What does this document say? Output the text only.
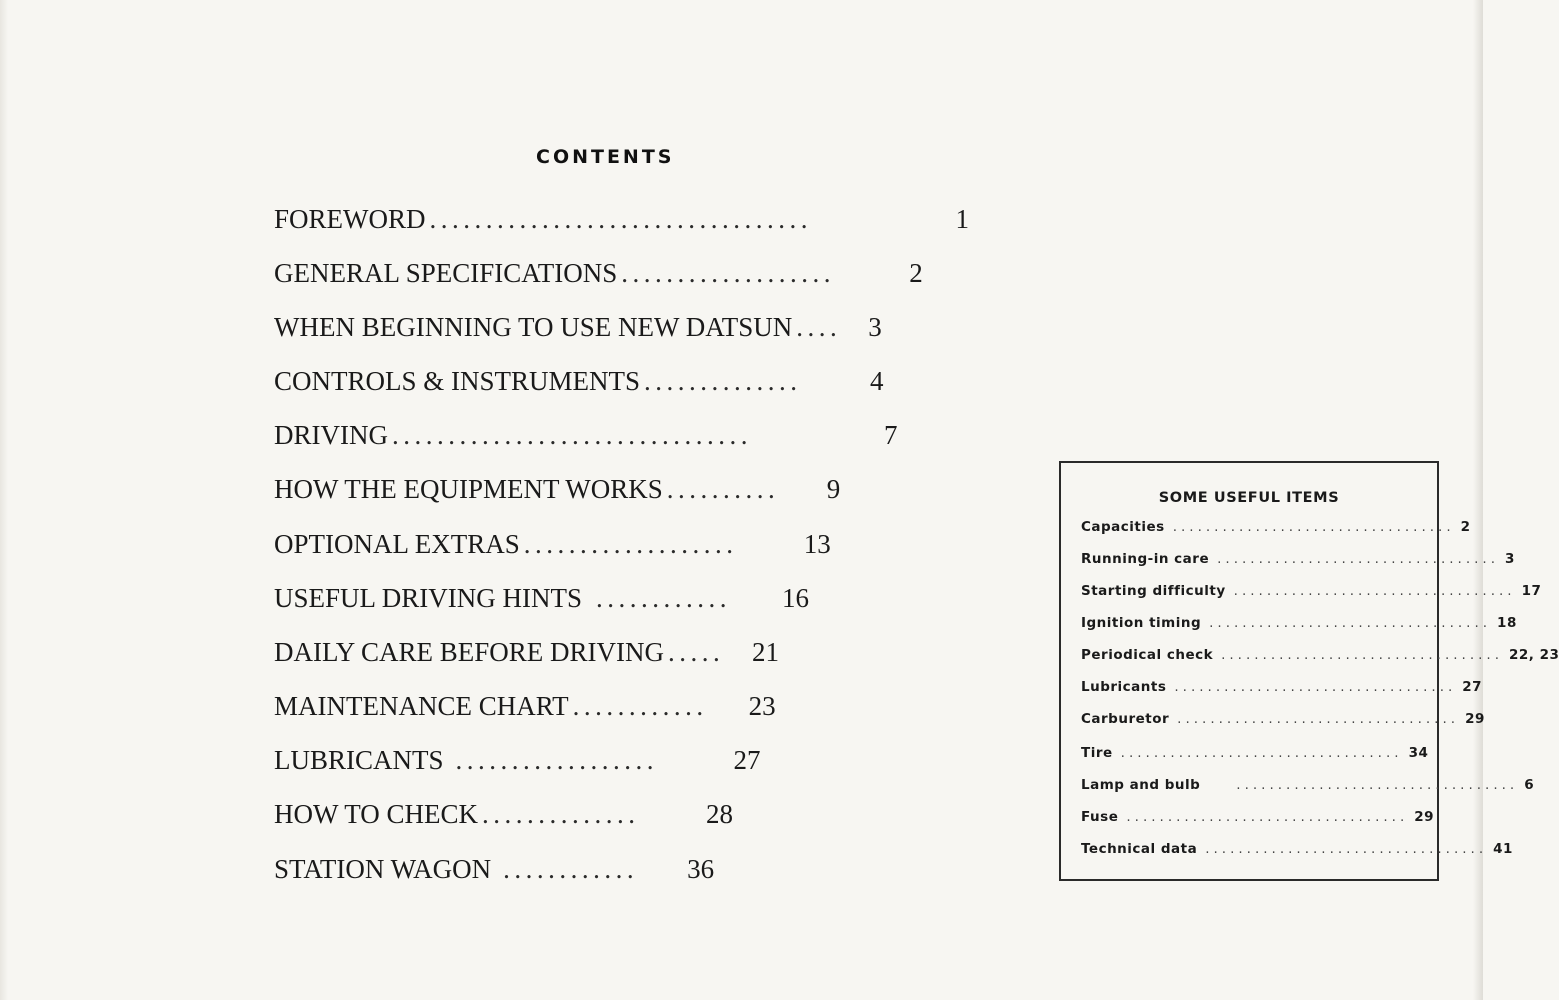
CONTENTS
FOREWORD ..................................	1
GENERAL SPECIFICATIONS ...................	2
WHEN BEGINNING TO USE NEW DATSUN .... 3
CONTROLS & INSTRUMENTS ..............	4
DRIVING ................................	7
HOW THE EQUIPMENT WORKS ..........	9
OPTIONAL EXTRAS ...................	13
USEFUL DRIVING HINTS ............	16
DAILY CARE BEFORE DRIVING ..... 21
MAINTENANCE CHART ............	23
LUBRICANTS ..................	27
HOW TO CHECK ..............	28
STATION WAGON ............	36
SOME USEFUL ITEMS
Capacities .................................. 2
Running-in care .................................. 3
Starting difficulty .................................. 17
Ignition timing .................................. 18
Periodical check .................................. 22, 23
Lubricants .................................. 27
Carburetor .................................. 29
Tire .................................. 34
Lamp and bulb	.................................. 6
Fuse .................................. 29
Technical data .................................. 41
